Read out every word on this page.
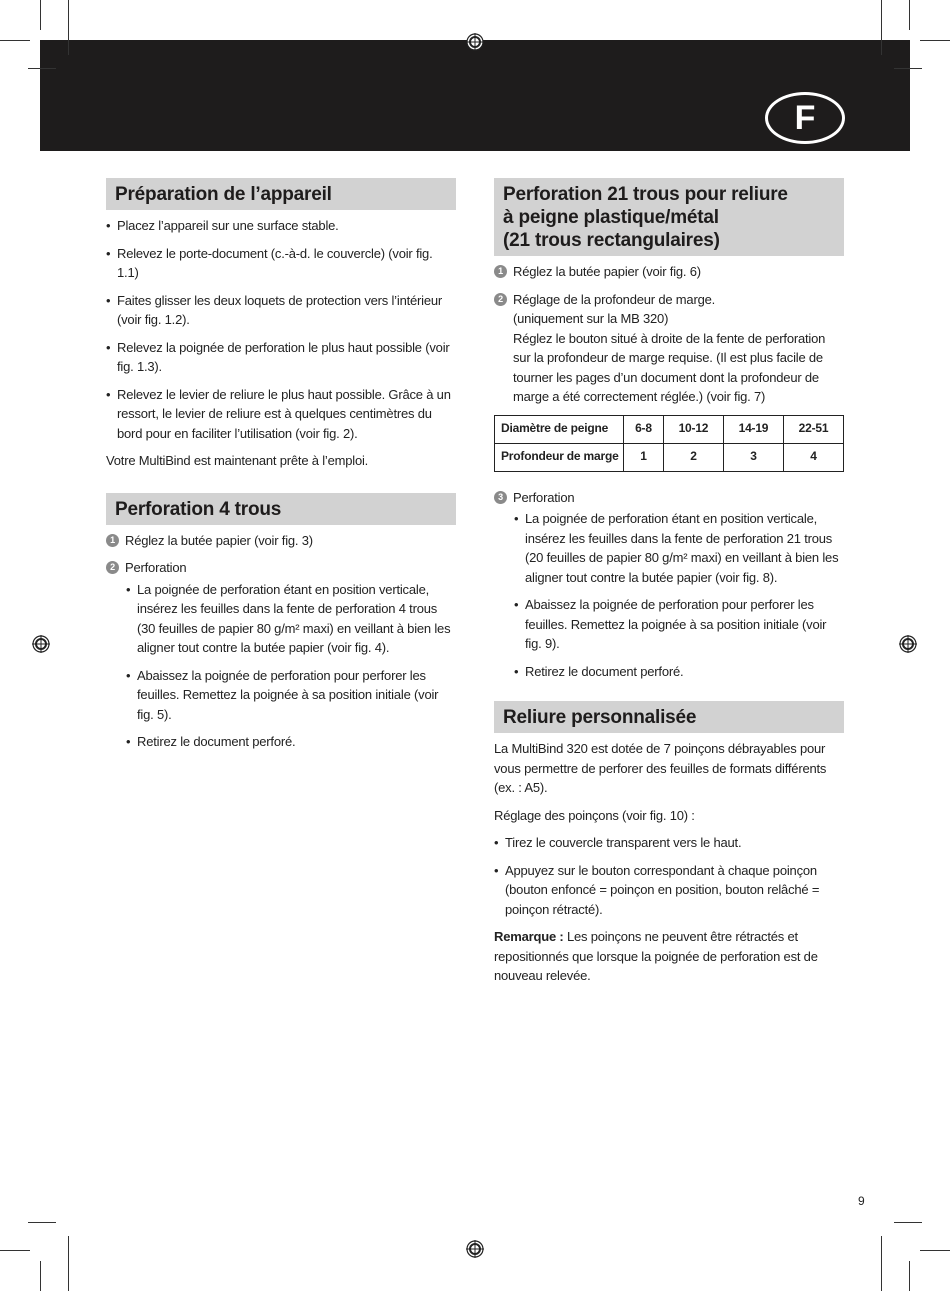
F
Préparation de l’appareil
• Placez l’appareil sur une surface stable.
• Relevez le porte-document (c.-à-d. le couvercle) (voir fig. 1.1)
• Faites glisser les deux loquets de protection vers l’intérieur (voir fig. 1.2).
• Relevez la poignée de perforation le plus haut possible (voir fig. 1.3).
• Relevez le levier de reliure le plus haut possible. Grâce à un ressort, le levier de reliure est à quelques centimètres du bord pour en faciliter l’utilisation (voir fig. 2).
Votre MultiBind est maintenant prête à l’emploi.
Perforation 4 trous
1 Réglez la butée papier (voir fig. 3)
2 Perforation
• La poignée de perforation étant en position verticale, insérez les feuilles dans la fente de perforation 4 trous (30 feuilles de papier 80 g/m² maxi) en veillant à bien les aligner tout contre la butée papier (voir fig. 4).
• Abaissez la poignée de perforation pour perforer les feuilles. Remettez la poignée à sa position initiale (voir fig. 5).
• Retirez le document perforé.
Perforation 21 trous pour reliure
à peigne plastique/métal
(21 trous rectangulaires)
1 Réglez la butée papier (voir fig. 6)
2 Réglage de la profondeur de marge.
(uniquement sur la MB 320)
Réglez le bouton situé à droite de la fente de perforation sur la profondeur de marge requise. (Il est plus facile de tourner les pages d’un document dont la profondeur de marge a été correctement réglée.) (voir fig. 7)
Diamètre de peigne	6-8	10-12	14-19	22-51
Profondeur de marge	1	2	3	4
3 Perforation
• La poignée de perforation étant en position verticale, insérez les feuilles dans la fente de perforation 21 trous (20 feuilles de papier 80 g/m² maxi) en veillant à bien les aligner tout contre la butée papier (voir fig. 8).
• Abaissez la poignée de perforation pour perforer les feuilles. Remettez la poignée à sa position initiale (voir fig. 9).
• Retirez le document perforé.
Reliure personnalisée
La MultiBind 320 est dotée de 7 poinçons débrayables pour vous permettre de perforer des feuilles de formats différents (ex. : A5).
Réglage des poinçons (voir fig. 10) :
• Tirez le couvercle transparent vers le haut.
• Appuyez sur le bouton correspondant à chaque poinçon (bouton enfoncé = poinçon en position, bouton relâché = poinçon rétracté).
Remarque : Les poinçons ne peuvent être rétractés et repositionnés que lorsque la poignée de perforation est de nouveau relevée.
9
